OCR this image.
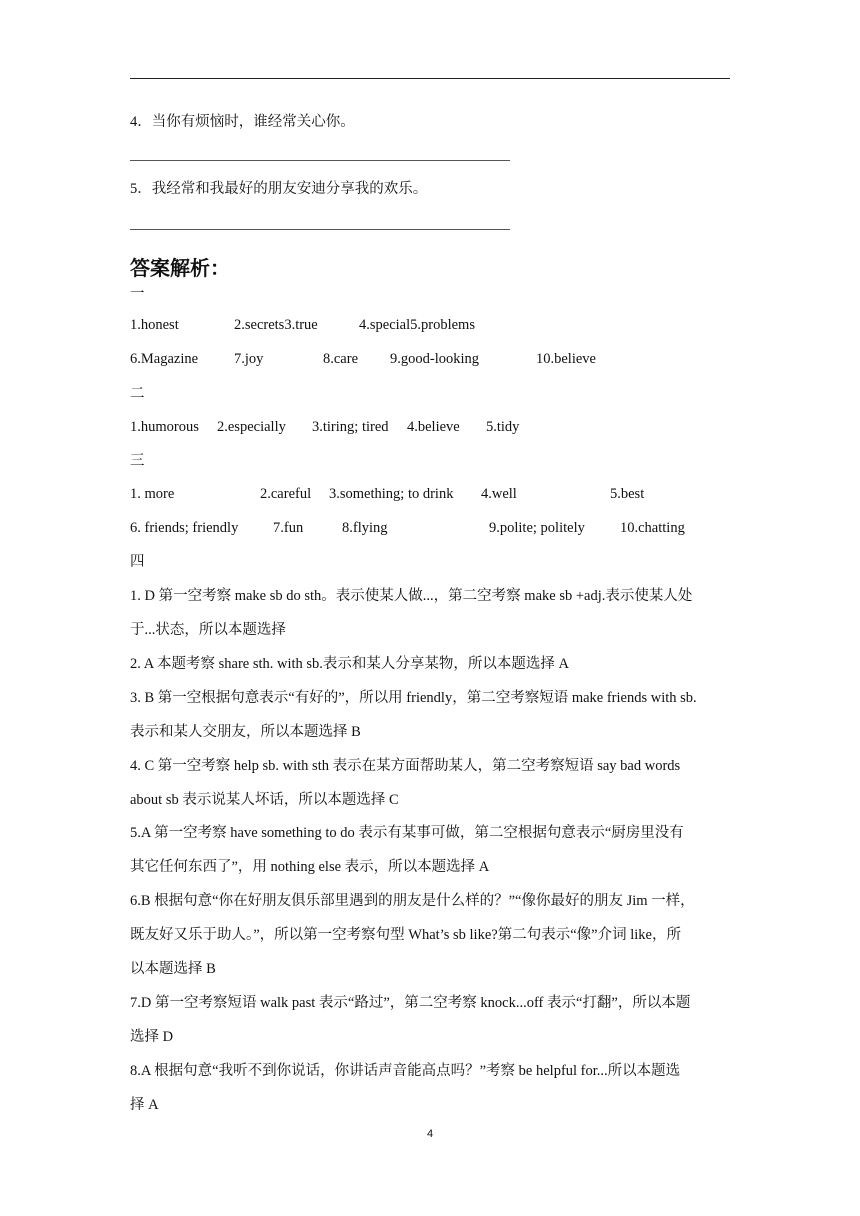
4．当你有烦恼时，谁经常关心你。
5．我经常和我最好的朋友安迪分享我的欢乐。
答案解析：
一
1.honest	2.secrets3.true	4.special5.problems
6.Magazine 7.joy	8.care 9.good-looking	10.believe
二
1.humorous 2.especially 3.tiring; tired 4.believe 5.tidy
三
1. more	2.careful 3.something; to drink 4.well	5.best
6. friends; friendly 7.fun	8.flying	9.polite; politely 10.chatting
四
1. D 第一空考察 make sb do sth。表示使某人做...，第二空考察 make sb +adj.表示使某人处
于...状态，所以本题选择
2. A 本题考察 share sth. with sb.表示和某人分享某物，所以本题选择 A
3. B 第一空根据句意表示“有好的”，所以用 friendly，第二空考察短语 make friends with sb.
表示和某人交朋友，所以本题选择 B
4. C 第一空考察 help sb. with sth 表示在某方面帮助某人，第二空考察短语 say bad words
about sb 表示说某人坏话，所以本题选择 C
5.A 第一空考察 have something to do 表示有某事可做，第二空根据句意表示“厨房里没有
其它任何东西了”，用 nothing else 表示，所以本题选择 A
6.B 根据句意“你在好朋友俱乐部里遇到的朋友是什么样的？”“像你最好的朋友 Jim 一样，
既友好又乐于助人。”，所以第一空考察句型 What’s sb like?第二句表示“像”介词 like，所
以本题选择 B
7.D 第一空考察短语 walk past 表示“路过”，第二空考察 knock...off 表示“打翻”，所以本题
选择 D
8.A 根据句意“我听不到你说话，你讲话声音能高点吗？”考察 be helpful for...所以本题选
择 A
4
